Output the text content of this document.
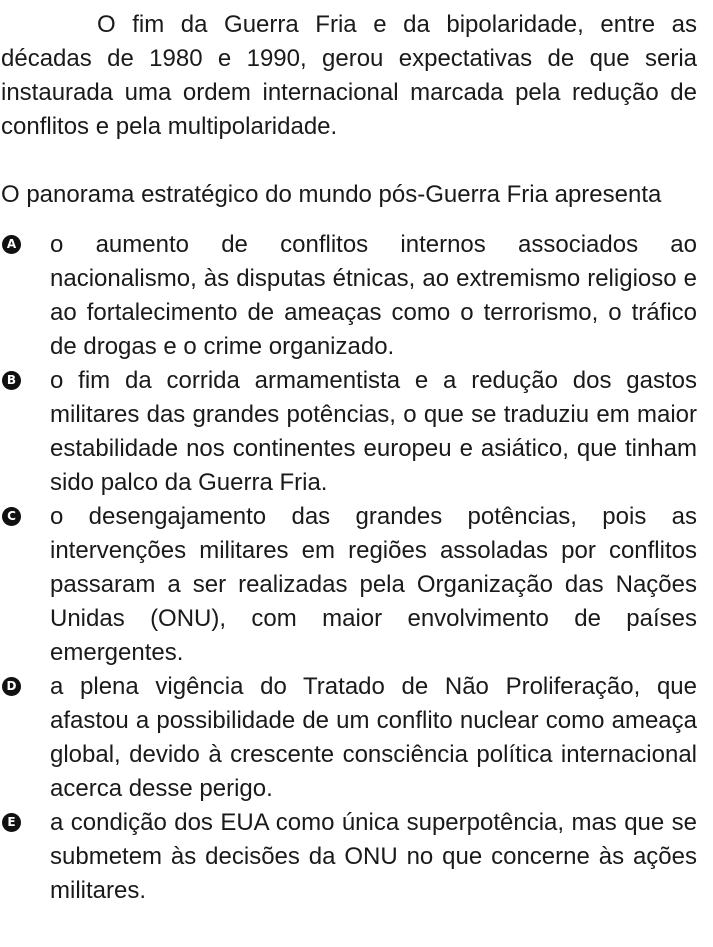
O fim da Guerra Fria e da bipolaridade, entre as décadas de 1980 e 1990, gerou expectativas de que seria instaurada uma ordem internacional marcada pela redução de conflitos e pela multipolaridade.

O panorama estratégico do mundo pós-Guerra Fria apresenta

A o aumento de conflitos internos associados ao nacionalismo, às disputas étnicas, ao extremismo religioso e ao fortalecimento de ameaças como o terrorismo, o tráfico de drogas e o crime organizado.
B o fim da corrida armamentista e a redução dos gastos militares das grandes potências, o que se traduziu em maior estabilidade nos continentes europeu e asiático, que tinham sido palco da Guerra Fria.
C o desengajamento das grandes potências, pois as intervenções militares em regiões assoladas por conflitos passaram a ser realizadas pela Organização das Nações Unidas (ONU), com maior envolvimento de países emergentes.
D a plena vigência do Tratado de Não Proliferação, que afastou a possibilidade de um conflito nuclear como ameaça global, devido à crescente consciência política internacional acerca desse perigo.
E a condição dos EUA como única superpotência, mas que se submetem às decisões da ONU no que concerne às ações militares.
